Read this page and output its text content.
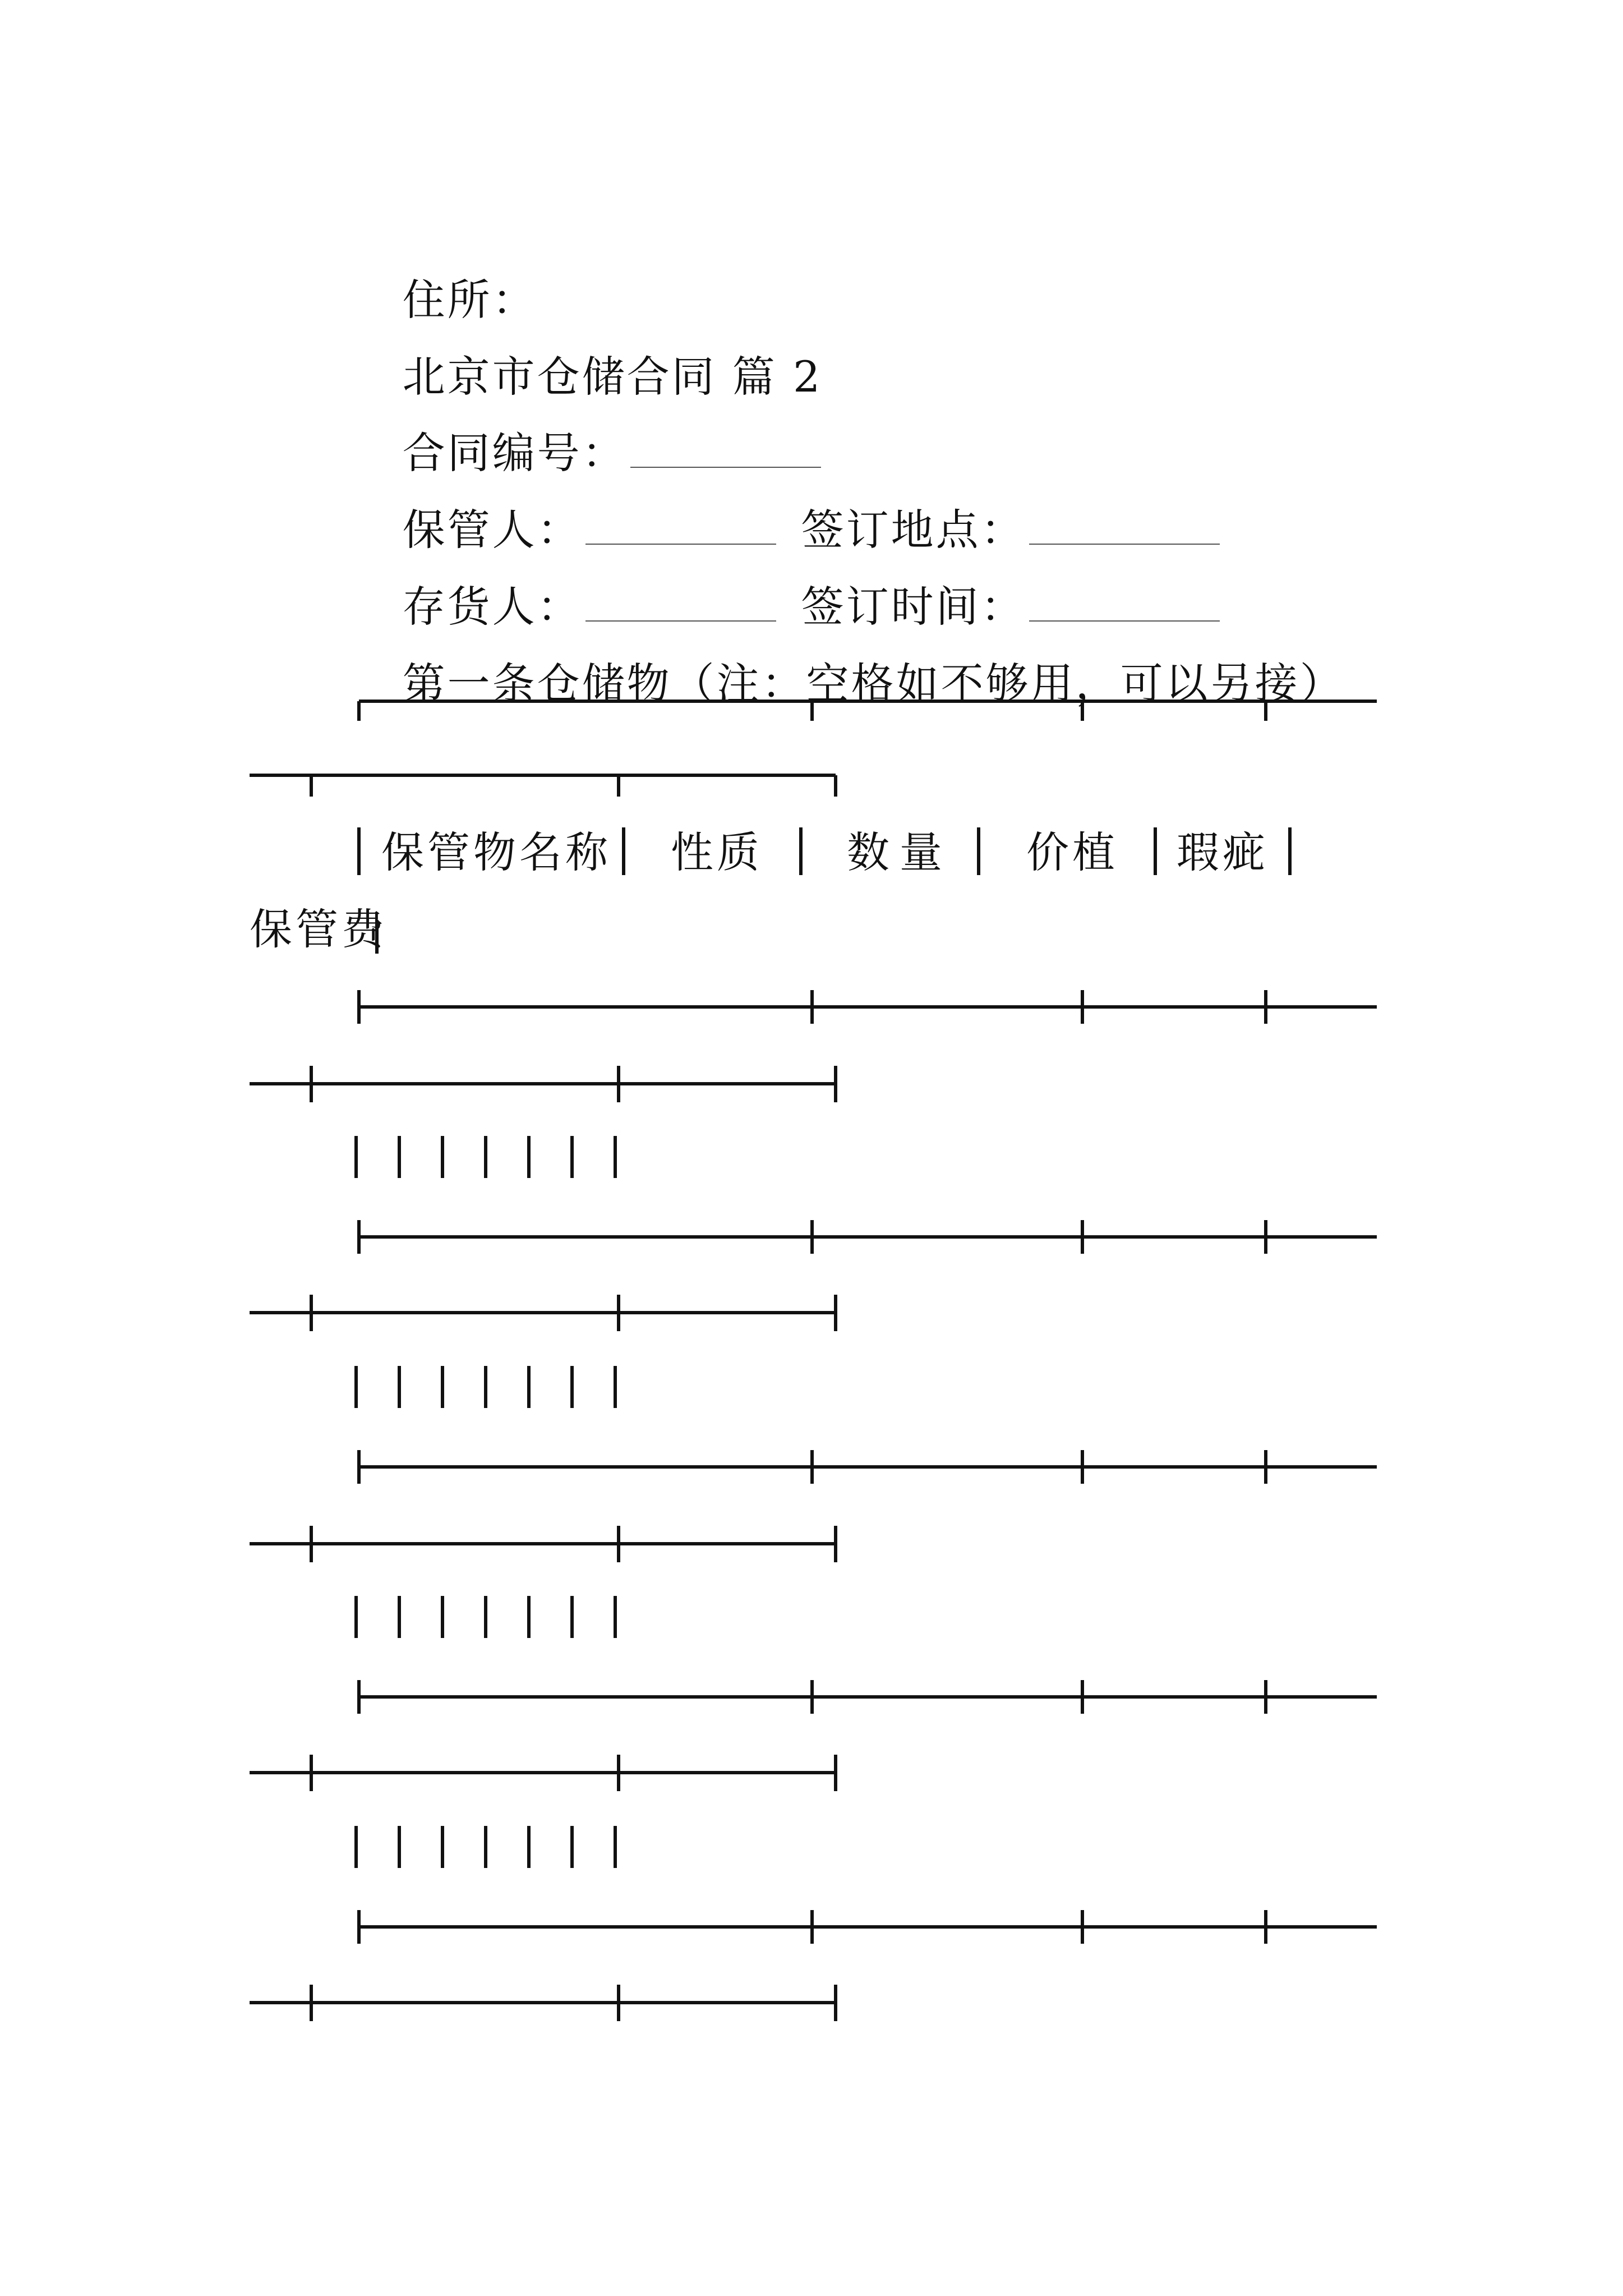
住所：

北京市仓储合同 篇 2

合同编号：

保管人：	签订地点：

存货人：	签订时间：

第一条仓储物（注：空格如不够用，可以另接）

保管物名称 性质 数量 价植 瑕疵
保管费
